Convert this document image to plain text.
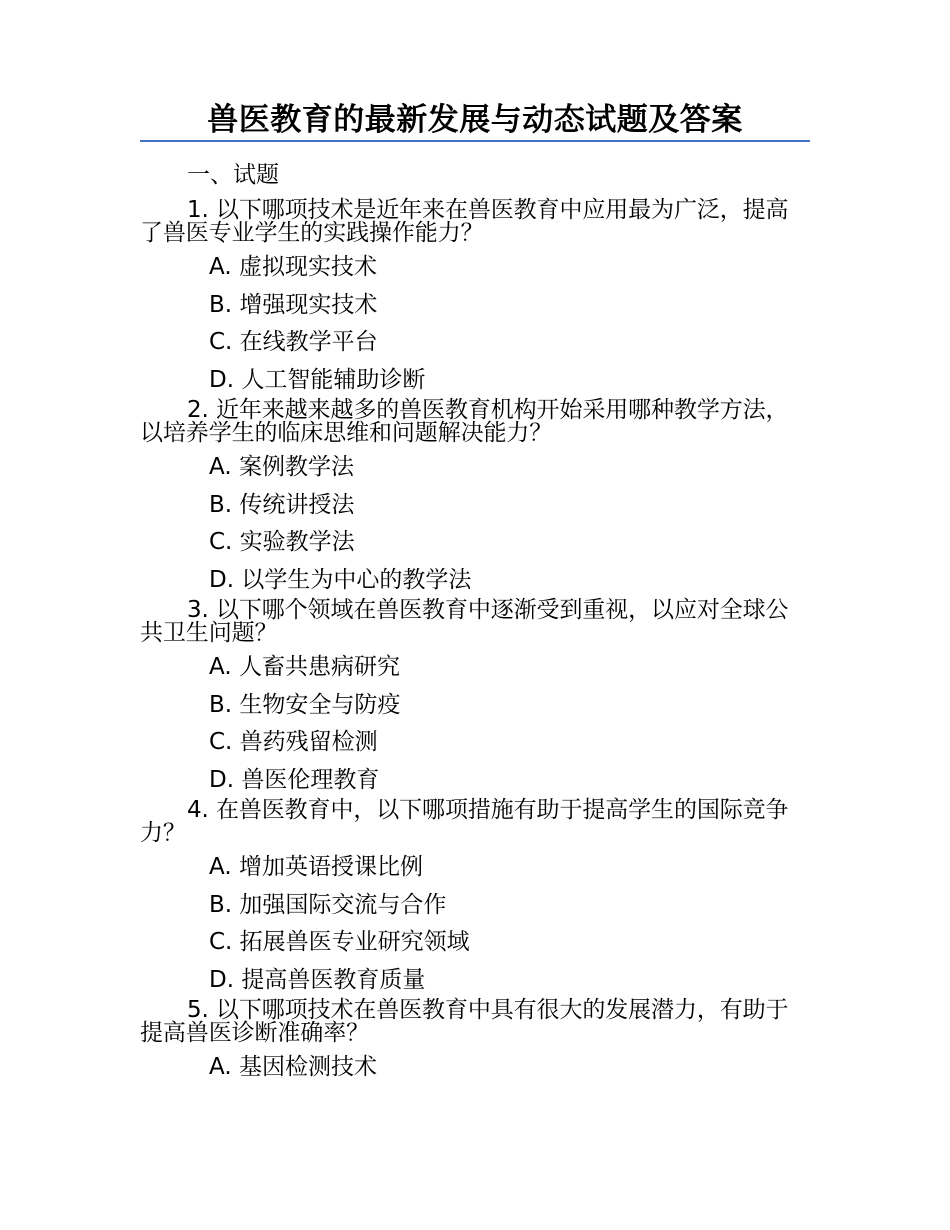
兽医教育的最新发展与动态试题及答案
一、试题

1. 以下哪项技术是近年来在兽医教育中应用最为广泛，提高了兽医专业学生的实践操作能力？

A. 虚拟现实技术

B. 增强现实技术

C. 在线教学平台

D. 人工智能辅助诊断

2. 近年来越来越多的兽医教育机构开始采用哪种教学方法，以培养学生的临床思维和问题解决能力？

A. 案例教学法

B. 传统讲授法

C. 实验教学法

D. 以学生为中心的教学法

3. 以下哪个领域在兽医教育中逐渐受到重视，以应对全球公共卫生问题？

A. 人畜共患病研究

B. 生物安全与防疫

C. 兽药残留检测

D. 兽医伦理教育

4. 在兽医教育中，以下哪项措施有助于提高学生的国际竞争力？

A. 增加英语授课比例

B. 加强国际交流与合作

C. 拓展兽医专业研究领域

D. 提高兽医教育质量

5. 以下哪项技术在兽医教育中具有很大的发展潜力，有助于提高兽医诊断准确率？

A. 基因检测技术
